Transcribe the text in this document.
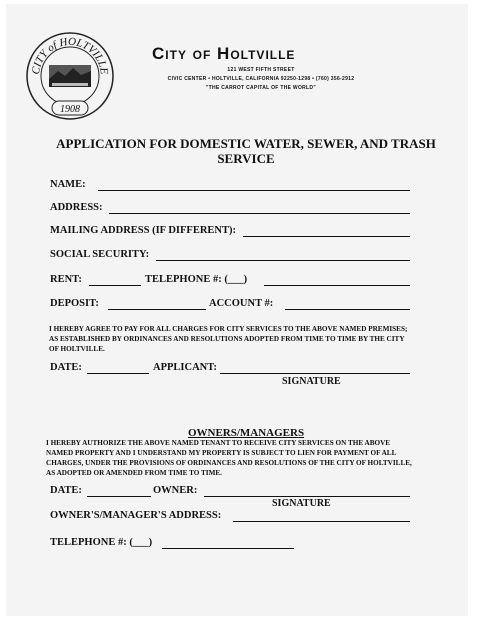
CITY of HOLTVILLE
1908
City of Holtville
121 WEST FIFTH STREET
CIVIC CENTER • HOLTVILLE, CALIFORNIA 92250-1298 • (760) 356-2912
"THE CARROT CAPITAL OF THE WORLD"
APPLICATION FOR DOMESTIC WATER, SEWER, AND TRASH SERVICE
NAME:
ADDRESS:
MAILING ADDRESS (IF DIFFERENT):
SOCIAL SECURITY:
RENT:	TELEPHONE #: (___)
DEPOSIT:	ACCOUNT #:
I HEREBY AGREE TO PAY FOR ALL CHARGES FOR CITY SERVICES TO THE ABOVE NAMED PREMISES; AS ESTABLISHED BY ORDINANCES AND RESOLUTIONS ADOPTED FROM TIME TO TIME BY THE CITY OF HOLTVILLE.
DATE:	APPLICANT:
SIGNATURE
OWNERS/MANAGERS
I HEREBY AUTHORIZE THE ABOVE NAMED TENANT TO RECEIVE CITY SERVICES ON THE ABOVE NAMED PROPERTY AND I UNDERSTAND MY PROPERTY IS SUBJECT TO LIEN FOR PAYMENT OF ALL CHARGES, UNDER THE PROVISIONS OF ORDINANCES AND RESOLUTIONS OF THE CITY OF HOLTVILLE, AS ADOPTED OR AMENDED FROM TIME TO TIME.
DATE:	OWNER:
SIGNATURE
OWNER'S/MANAGER'S ADDRESS:
TELEPHONE #: (___)
